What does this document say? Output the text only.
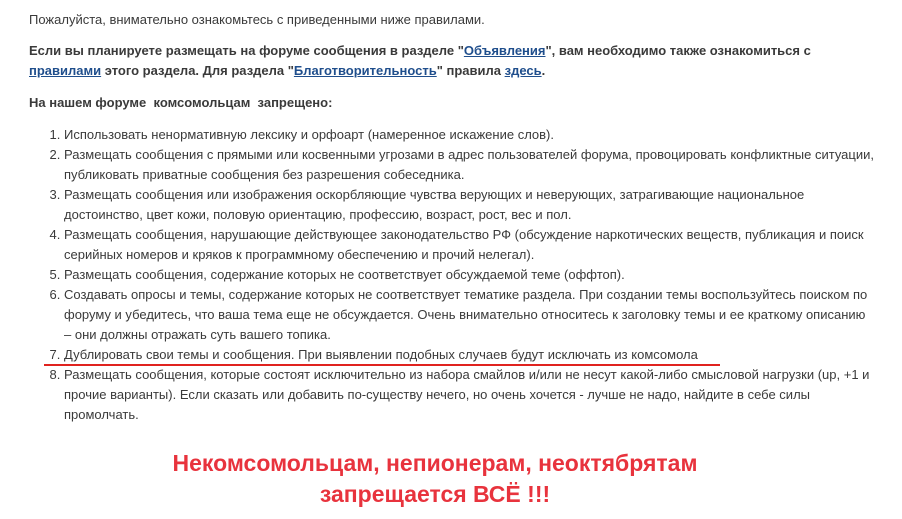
Пожалуйста, внимательно ознакомьтесь с приведенными ниже правилами.
Если вы планируете размещать на форуме сообщения в разделе "Объявления", вам необходимо также ознакомиться с правилами этого раздела. Для раздела "Благотворительность" правила здесь.
На нашем форуме  комсомольцам  запрещено:
1. Использовать ненормативную лексику и орфоарт (намеренное искажение слов).
2. Размещать сообщения с прямыми или косвенными угрозами в адрес пользователей форума, провоцировать конфликтные ситуации, публиковать приватные сообщения без разрешения собеседника.
3. Размещать сообщения или изображения оскорбляющие чувства верующих и неверующих, затрагивающие национальное достоинство, цвет кожи, половую ориентацию, профессию, возраст, рост, вес и пол.
4. Размещать сообщения, нарушающие действующее законодательство РФ (обсуждение наркотических веществ, публикация и поиск серийных номеров и кряков к программному обеспечению и прочий нелегал).
5. Размещать сообщения, содержание которых не соответствует обсуждаемой теме (оффтоп).
6. Создавать опросы и темы, содержание которых не соответствует тематике раздела. При создании темы воспользуйтесь поиском по форуму и убедитесь, что ваша тема еще не обсуждается. Очень внимательно относитесь к заголовку темы и ее краткому описанию – они должны отражать суть вашего топика.
7. Дублировать свои темы и сообщения. При выявлении подобных случаев будут исключать из комсомола
8. Размещать сообщения, которые состоят исключительно из набора смайлов и/или не несут какой-либо смысловой нагрузки (up, +1 и прочие варианты). Если сказать или добавить по-существу нечего, но очень хочется - лучше не надо, найдите в себе силы промолчать.
Некомсомольцам, непионерам, неоктябрятам
запрещается ВСЁ !!!
